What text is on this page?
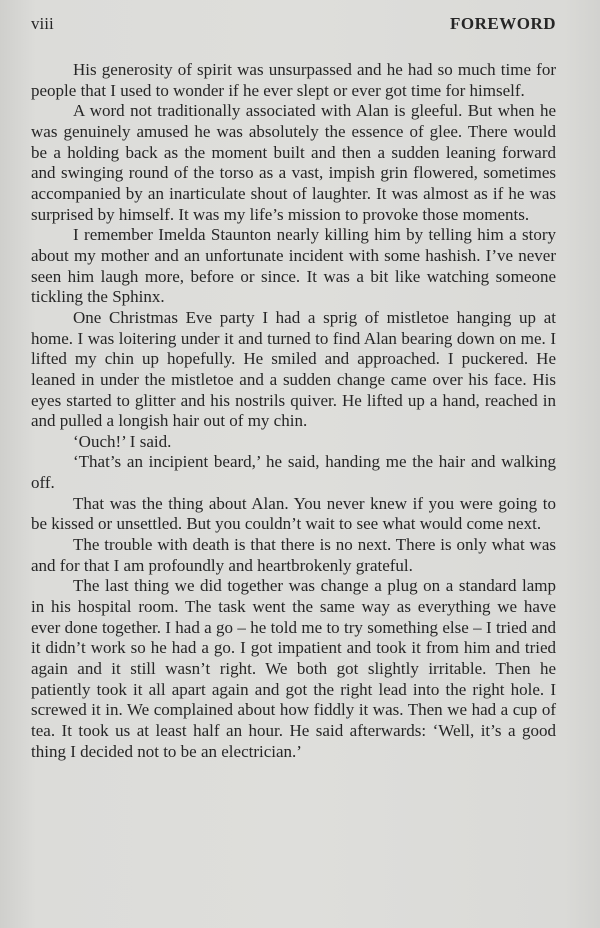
viii	FOREWORD

His generosity of spirit was unsurpassed and he had so much time for people that I used to wonder if he ever slept or ever got time for himself.

A word not traditionally associated with Alan is gleeful. But when he was genuinely amused he was absolutely the essence of glee. There would be a holding back as the moment built and then a sudden leaning forward and swinging round of the torso as a vast, impish grin flowered, sometimes accompanied by an inarticulate shout of laughter. It was almost as if he was surprised by himself. It was my life’s mission to provoke those moments.

I remember Imelda Staunton nearly killing him by telling him a story about my mother and an unfortunate incident with some hashish. I’ve never seen him laugh more, before or since. It was a bit like watching someone tickling the Sphinx.

One Christmas Eve party I had a sprig of mistletoe hanging up at home. I was loitering under it and turned to find Alan bearing down on me. I lifted my chin up hopefully. He smiled and approached. I puckered. He leaned in under the mistletoe and a sudden change came over his face. His eyes started to glitter and his nostrils quiver. He lifted up a hand, reached in and pulled a longish hair out of my chin.

‘Ouch!’ I said.

‘That’s an incipient beard,’ he said, handing me the hair and walking off.

That was the thing about Alan. You never knew if you were going to be kissed or unsettled. But you couldn’t wait to see what would come next.

The trouble with death is that there is no next. There is only what was and for that I am profoundly and heartbrokenly grateful.

The last thing we did together was change a plug on a standard lamp in his hospital room. The task went the same way as everything we have ever done together. I had a go – he told me to try something else – I tried and it didn’t work so he had a go. I got impatient and took it from him and tried again and it still wasn’t right. We both got slightly irritable. Then he patiently took it all apart again and got the right lead into the right hole. I screwed it in. We complained about how fiddly it was. Then we had a cup of tea. It took us at least half an hour. He said afterwards: ‘Well, it’s a good thing I decided not to be an electrician.’
